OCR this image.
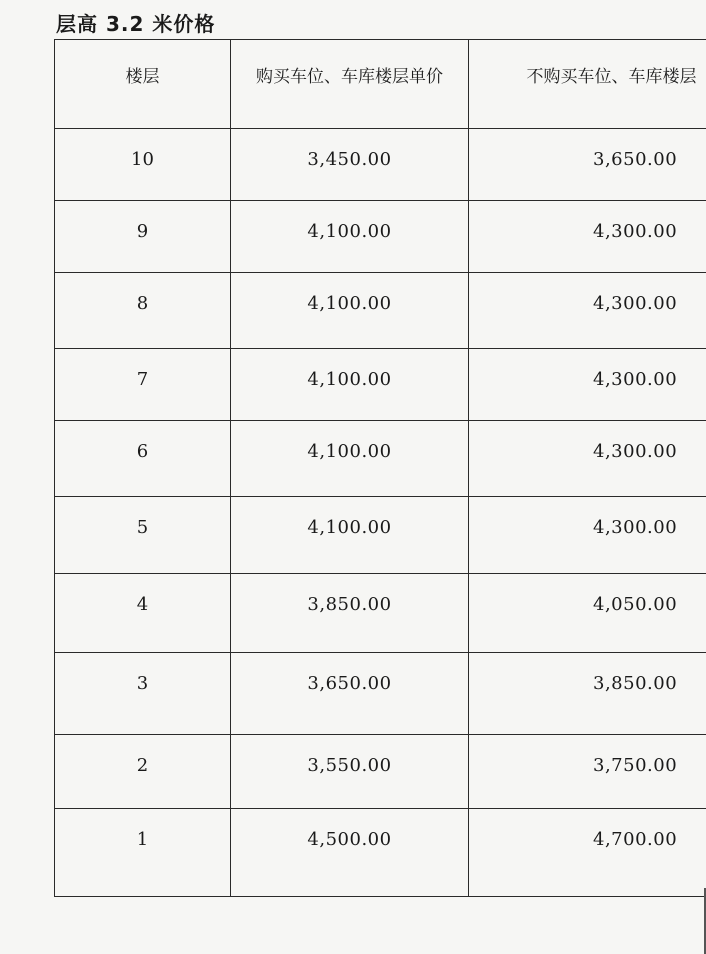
层高 3.2 米价格
楼层	购买车位、车库楼层单价	不购买车位、车库楼层
10	3,450.00	3,650.00
9	4,100.00	4,300.00
8	4,100.00	4,300.00
7	4,100.00	4,300.00
6	4,100.00	4,300.00
5	4,100.00	4,300.00
4	3,850.00	4,050.00
3	3,650.00	3,850.00
2	3,550.00	3,750.00
1	4,500.00	4,700.00
